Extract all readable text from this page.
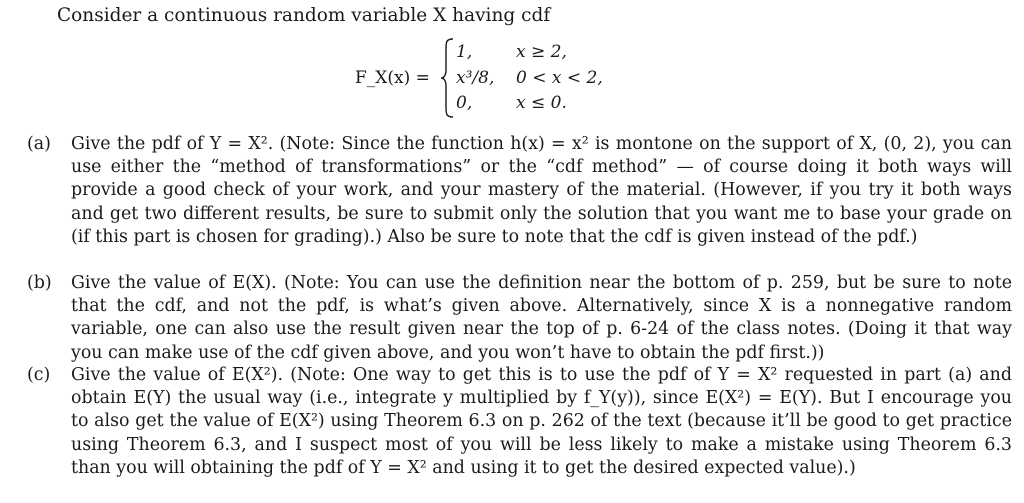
Consider a continuous random variable X having cdf
F_X(x) =
1,	x ≥ 2,
x³/8, 0 < x < 2,
0,	x ≤ 0.
(a) Give the pdf of Y = X². (Note: Since the function h(x) = x² is montone on the support of X, (0, 2), you can use either the “method of transformations” or the “cdf method” — of course doing it both ways will provide a good check of your work, and your mastery of the material. (However, if you try it both ways and get two different results, be sure to submit only the solution that you want me to base your grade on (if this part is chosen for grading).) Also be sure to note that the cdf is given instead of the pdf.)
(b) Give the value of E(X). (Note: You can use the definition near the bottom of p. 259, but be sure to note that the cdf, and not the pdf, is what’s given above. Alternatively, since X is a nonnegative random variable, one can also use the result given near the top of p. 6-24 of the class notes. (Doing it that way you can make use of the cdf given above, and you won’t have to obtain the pdf first.))
(c) Give the value of E(X²). (Note: One way to get this is to use the pdf of Y = X² requested in part (a) and obtain E(Y) the usual way (i.e., integrate y multiplied by f_Y(y)), since E(X²) = E(Y). But I encourage you to also get the value of E(X²) using Theorem 6.3 on p. 262 of the text (because it’ll be good to get practice using Theorem 6.3, and I suspect most of you will be less likely to make a mistake using Theorem 6.3 than you will obtaining the pdf of Y = X² and using it to get the desired expected value).)
